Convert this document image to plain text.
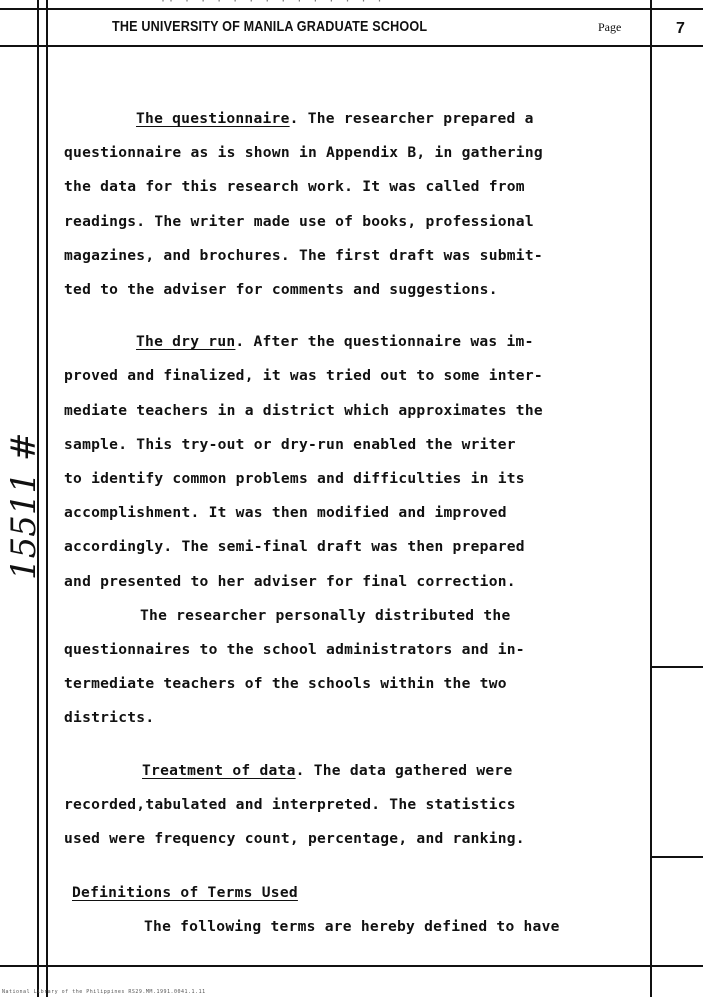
·· · · · · · · · · · · · · ·
THE UNIVERSITY OF MANILA GRADUATE SCHOOL	Page	7
15511 #

The questionnaire. The researcher prepared a

questionnaire as is shown in Appendix B, in gathering

the data for this research work. It was called from

readings. The writer made use of books, professional

magazines, and brochures. The first draft was submit-

ted to the adviser for comments and suggestions.

The dry run. After the questionnaire was im-

proved and finalized, it was tried out to some inter-

mediate teachers in a district which approximates the

sample. This try-out or dry-run enabled the writer

to identify common problems and difficulties in its

accomplishment. It was then modified and improved

accordingly. The semi-final draft was then prepared

and presented to her adviser for final correction.

The researcher personally distributed the

questionnaires to the school administrators and in-

termediate teachers of the schools within the two

districts.

Treatment of data. The data gathered were

recorded,tabulated and interpreted. The statistics

used were frequency count, percentage, and ranking.

Definitions of Terms Used

The following terms are hereby defined to have

National Library of the Philippines RS29.MM.1991.0041.1.11
